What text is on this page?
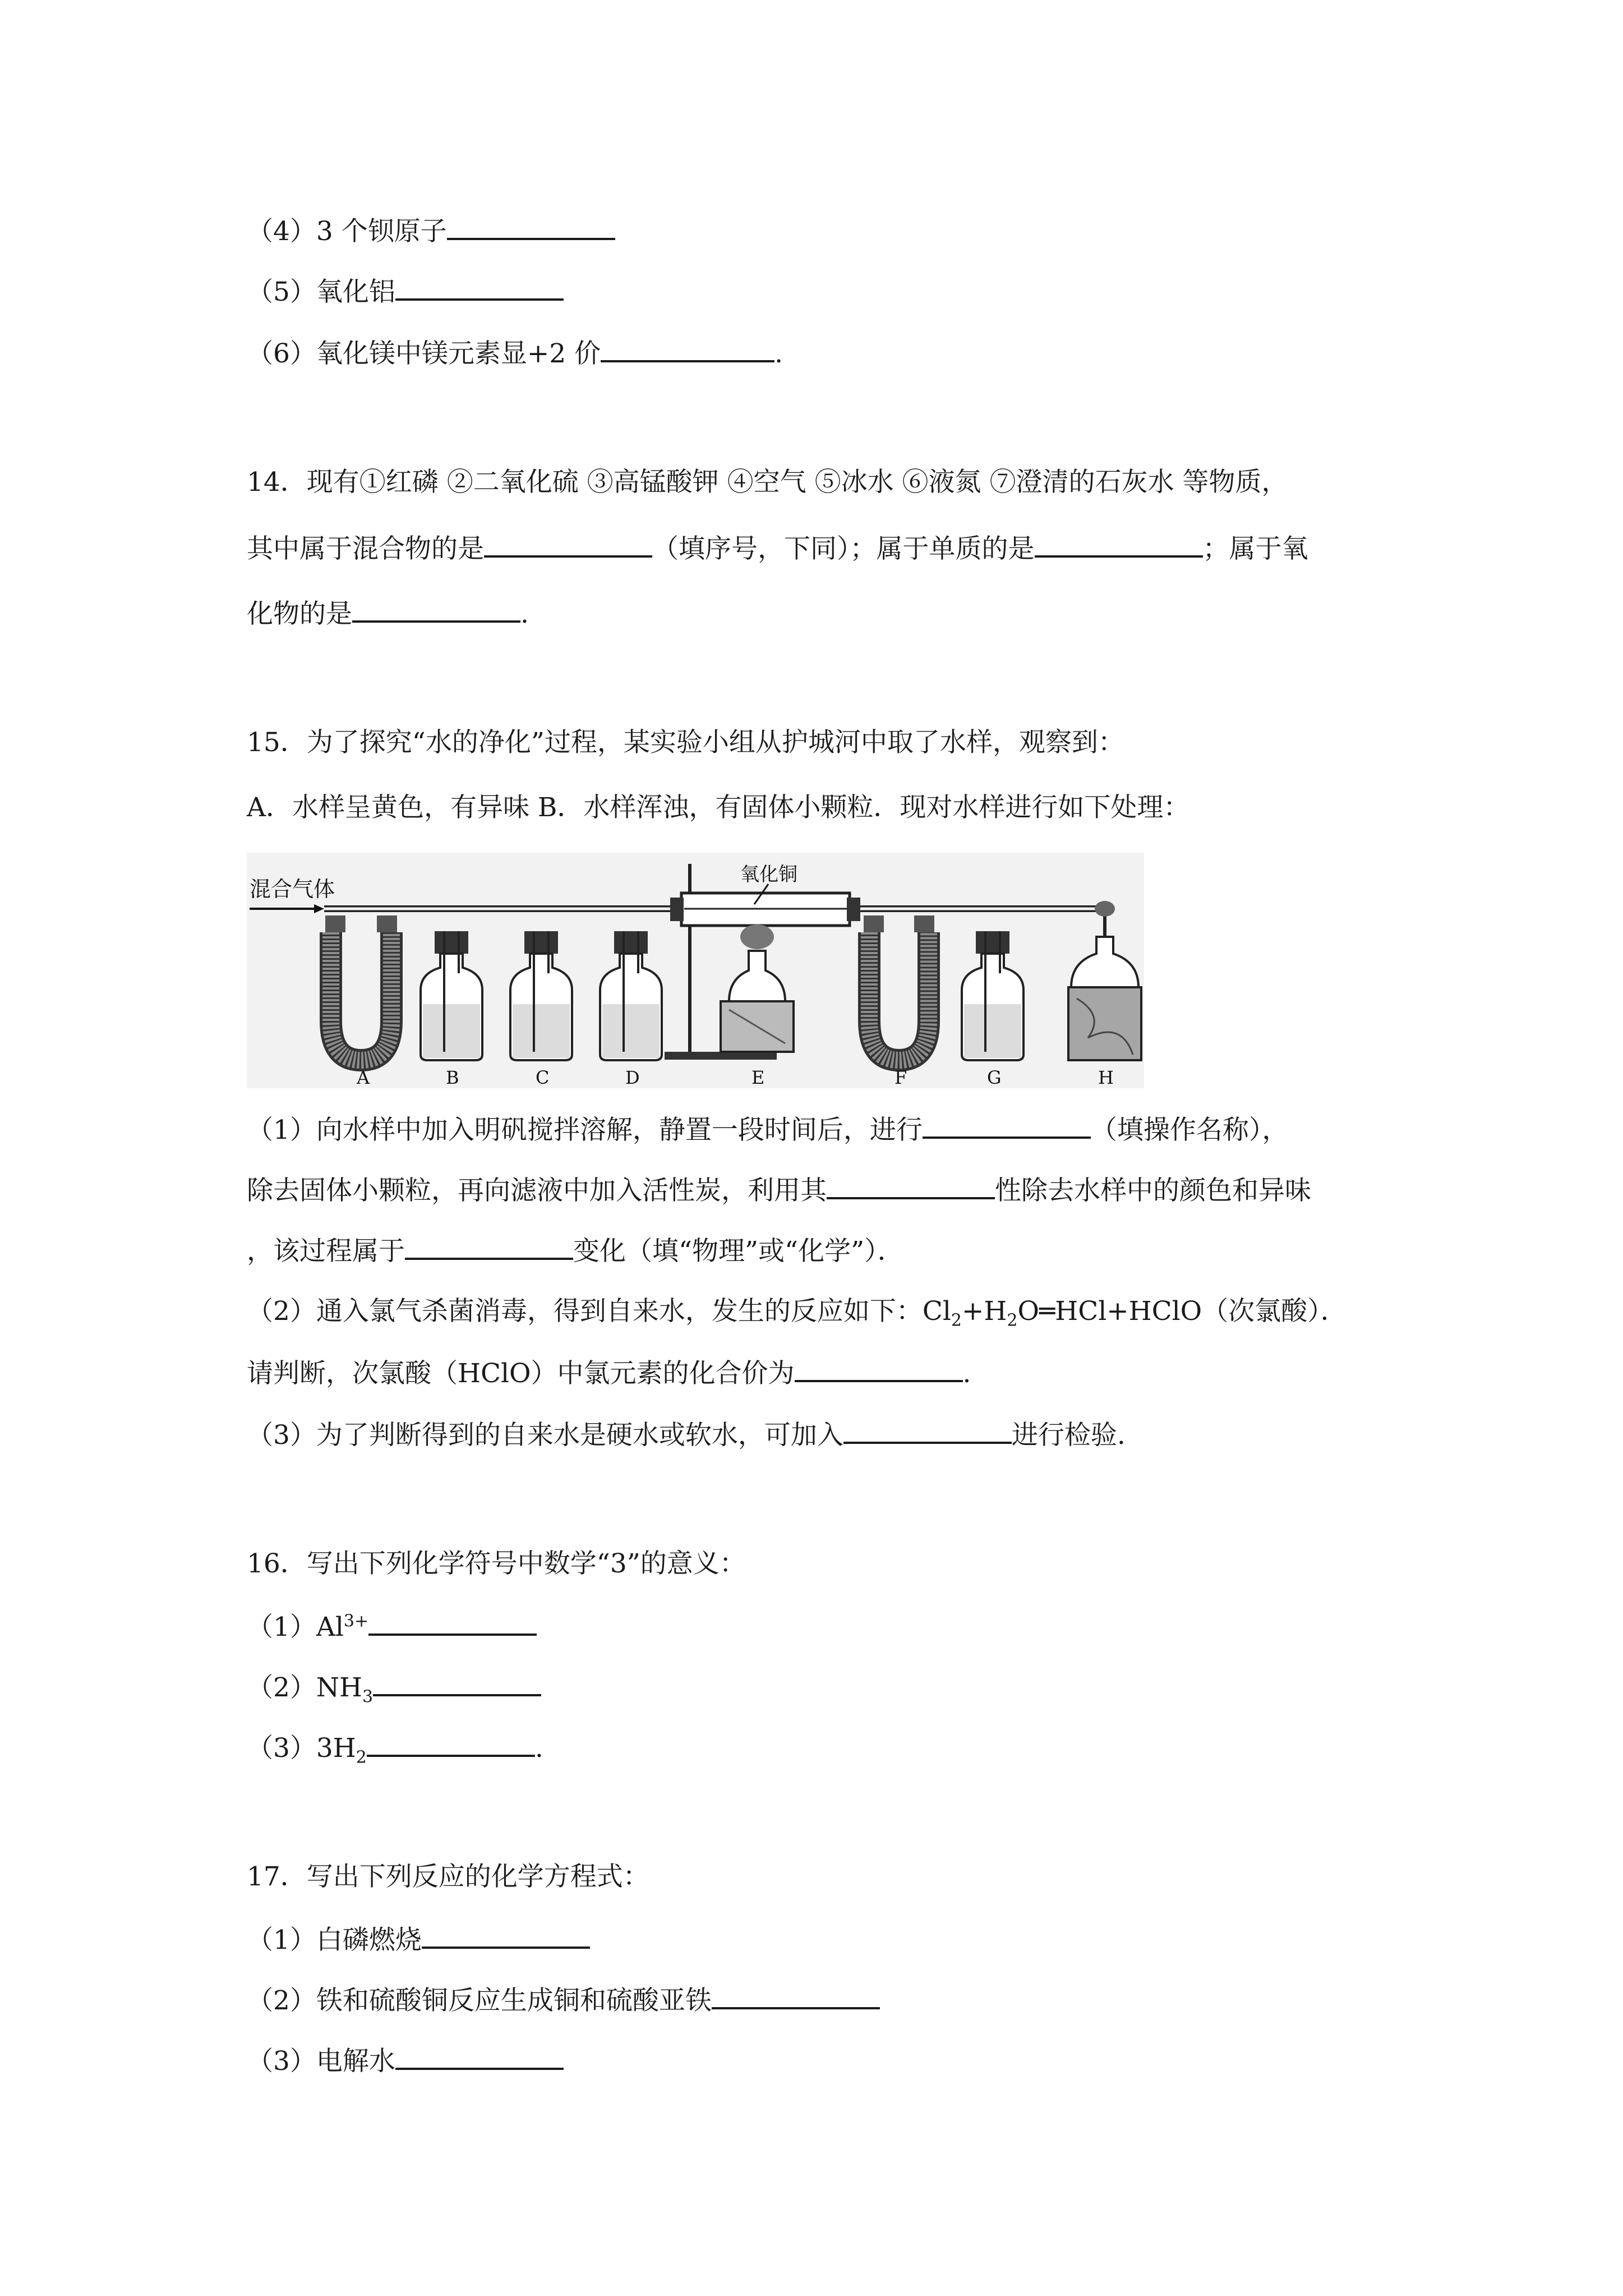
（4）3 个钡原子
（5）氧化铝
（6）氧化镁中镁元素显+2 价	.
14．现有①红磷 ②二氧化硫 ③高锰酸钾 ④空气 ⑤冰水 ⑥液氮 ⑦澄清的石灰水 等物质，
其中属于混合物的是	（填序号，下同）；属于单质的是	；属于氧
化物的是	.
15．为了探究“水的净化”过程，某实验小组从护城河中取了水样，观察到：
A．水样呈黄色，有异味 B．水样浑浊，有固体小颗粒．现对水样进行如下处理：
混合气体
氧化铜
A	B	C	D	E	F	G	H
（1）向水样中加入明矾搅拌溶解，静置一段时间后，进行	（填操作名称），
除去固体小颗粒，再向滤液中加入活性炭，利用其	性除去水样中的颜色和异味
，该过程属于	变化（填“物理”或“化学”）．
（2）通入氯气杀菌消毒，得到自来水，发生的反应如下：$Cl_2+H_2O═HCl+HClO$（次氯酸）．
请判断，次氯酸（HClO）中氯元素的化合价为	.
（3）为了判断得到的自来水是硬水或软水，可加入	进行检验.
16．写出下列化学符号中数学“3”的意义：
$(1)Al^{3+}$
$(2)NH_3$
$(3)3H_2$	.
17．写出下列反应的化学方程式：
（1）白磷燃烧
（2）铁和硫酸铜反应生成铜和硫酸亚铁
（3）电解水
